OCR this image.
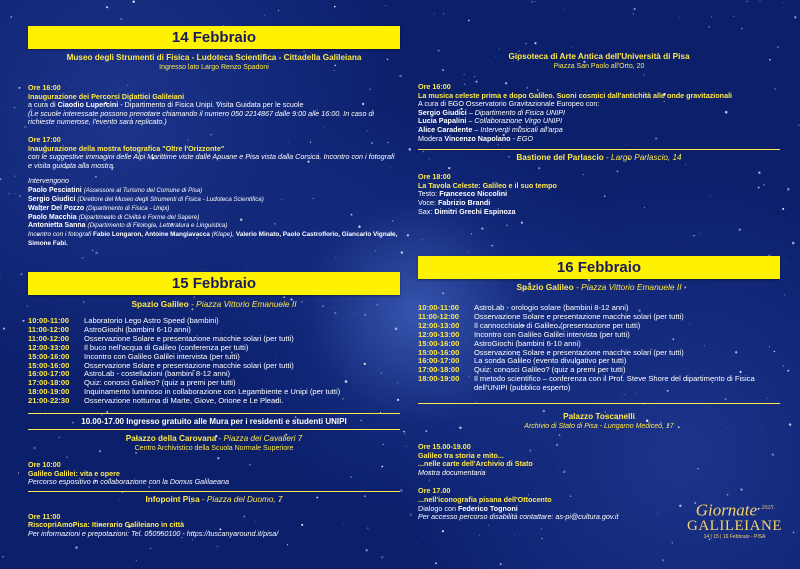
14 Febbraio
Museo degli Strumenti di Fisica - Ludoteca Scientifica - Cittadella Galileiana
Ingresso lato Largo Renzo Spadoni
Ore 16:00
Inaugurazione dei Percorsi Didattici Galileiani
a cura di Ciaodio Lupercini - Dipartimento di Fisica Unipi. Visita Guidata per le scuole
(Le scuole interessate possono prenotare chiamando il numero 050 2214867 dalle 9:00 alle 16:00. In caso di richieste numerose, l'evento sarà replicato.)
Ore 17:00
Inaugurazione della mostra fotografica "Oltre l'Orizzonte"
con le suggestive immagini delle Alpi Marittime viste dalle Apuane e Pisa vista dalla Corsica. Incontro con i fotografi e visita guidata alla mostra.
Intervengono
Paolo Pesciatini (Assessore al Turismo del Comune di Pisa)
Sergio Giudici (Direttore del Museo degli Strumenti di Fisica - Ludoteca Scientifica)
Walter Del Pozzo (Dipartimento di Fisica - Unipi)
Paolo Macchia (Dipartimento di Civiltà e Forme del Sapere)
Antonietta Sanna (Dipartimento di Filologia, Letteratura e Linguistica)
Incontro con i fotografi Fabio Longaron, Antoine Mangiavacca (Klape), Valerio Minato, Paolo Castroflorio, Giancarlo Vignale, Simone Fabi.
15 Febbraio
Spazio Galileo - Piazza Vittorio Emanuele II
10:00-11:00	Laboratorio Lego Astro Speed (bambini)
11:00-12:00	AstroGiochi (bambini 6-10 anni)
11:00-12:00	Osservazione Solare e presentazione macchie solari (per tutti)
12:00-13:00	Il buco nell'acqua di Galileo (conferenza per tutti)
15:00-16:00	Incontro con Galileo Galilei intervista (per tutti)
15:00-16:00	Osservazione Solare e presentazione macchie solari (per tutti)
16:00-17:00	AstroLab - costellazioni (bambini 8-12 anni)
17:00-18:00	Quiz: conosci Galileo? (quiz a premi per tutti)
18:00-19:00	Inquinamento luminoso in collaborazione con Legambiente e Unipi (per tutti)
21:00-22:30	Osservazione notturna di Marte, Giove, Orione e Le Pleadi.
10.00-17.00 Ingresso gratuito alle Mura per i residenti e studenti UNIPI
Palazzo della Carovana - Piazza dei Cavalieri 7
Centro Archivistico della Scuola Normale Superiore
Ore 10:00
Galileo Galilei: vita e opere
Percorso espositivo in collaborazione con la Domus Galilaeana
Infopoint Pisa - Piazza del Duomo, 7
Ore 11:00
RiscopriAmoPisa: Itinerario Galileiano in città
Per informazioni e prepotazioni: Tel. 050550100 - https://tuscanyaround.it/pisa/
Gipsoteca di Arte Antica dell'Università di Pisa
Piazza San Paolo all'Orto, 20
Ore 16:00
La musica celeste prima e dopo Galileo. Suoni cosmici dall'antichità alle onde gravitazionali
A cura di EGO Osservatorio Gravitazionale Europeo con:
Sergio Giudici – Dipartimento di Fisica UNIPI
Lucia Papalini – Collaborazione Virgo UNIPI
Alice Caradente – Interventi musicali all'arpa
Modera Vincenzo Napolano - EGO
Bastione del Parlascio - Largo Parlascio, 14
Ore 18:00
La Tavola Celeste: Galileo e il suo tempo
Testo: Francesco Niccolini
Voce: Fabrizio Brandi
Sax: Dimitri Grechi Espinoza
16 Febbraio
Spazio Galileo - Piazza Vittorio Emanuele II
10:00-11:00	AstroLab - orologio solare (bambini 8-12 anni)
11:00-12:00	Osservazione Solare e presentazione macchie solari (per tutti)
12:00-13:00	Il cannocchiale di Galileo (presentazione per tutti)
12:00-13:00	Incontro con Galileo Galilei intervista (per tutti)
15:00-16:00	AstroGiochi (bambini 6-10 anni)
15:00-16:00	Osservazione Solare e presentazione macchie solari (per tutti)
16:00-17:00	La sonda Galileo (evento divulgativo per tutti)
17:00-18:00	Quiz: conosci Galileo? (quiz a premi per tutti)
18:00-19:00	Il metodo scientifico – conferenza con il Prof. Steve Shore del dipartimento di Fisica dell'UNIPI (pubblico esperto)
Palazzo Toscanelli
Archivio di Stato di Pisa - Lungarno Mediceo, 17
Ore 15.00-19.00
Galileo tra storia e mito...
...nelle carte dell'Archivio di Stato
Mostra documentaria
Ore 17.00
...nell'iconografia pisana dell'Ottocento
Dialogo con Federico Tognoni
Per accesso percorso disabilità contattare: as-pi@cultura.gov.it	Giornate $^{2025}$
GALILEIANE
14 | 15 | 16 Febbraio - PISA
